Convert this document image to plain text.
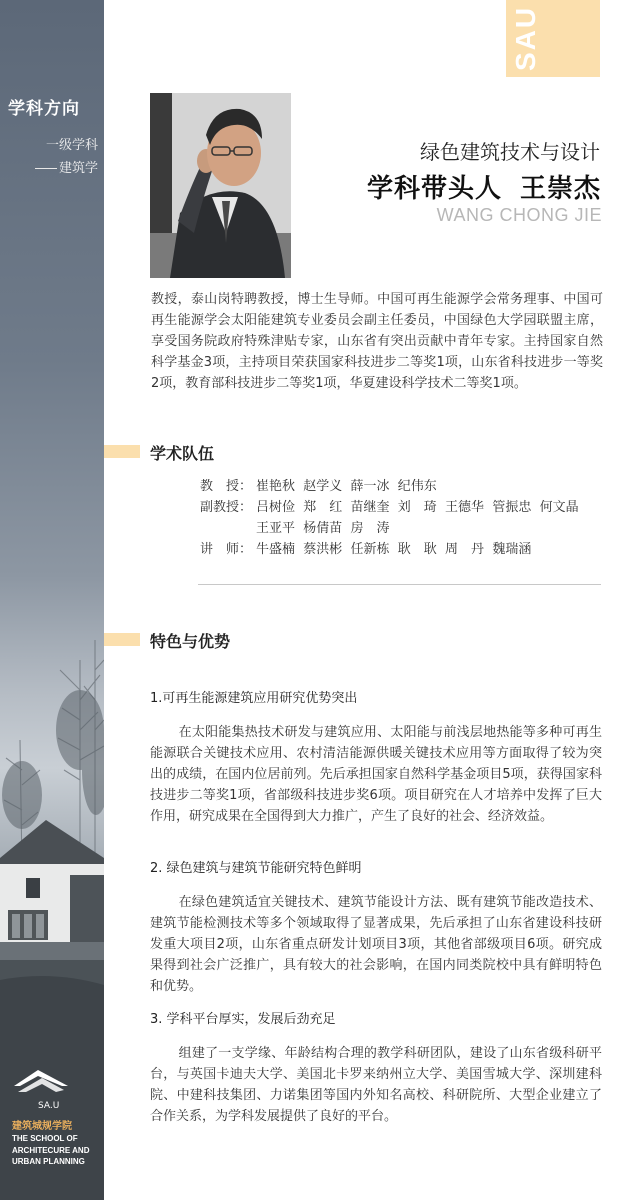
学科方向
一级学科
建筑学
SA.U
建筑城规学院
THE SCHOOL OF
ARCHITECURE AND
URBAN PLANNING
SAU
绿色建筑技术与设计
学科带头人 王崇杰
WANG CHONG JIE

教授，泰山岗特聘教授，博士生导师。中国可再生能源学会常务理事、中国可再生能源学会太阳能建筑专业委员会副主任委员，中国绿色大学园联盟主席，享受国务院政府特殊津贴专家，山东省有突出贡献中青年专家。主持国家自然科学基金3项，主持项目荣获国家科技进步二等奖1项，山东省科技进步一等奖2项，教育部科技进步二等奖1项，华夏建设科学技术二等奖1项。

学术队伍
教　授： 崔艳秋  赵学义  薛一冰  纪伟东
副教授： 吕树俭  郑　红  苗继奎  刘　琦  王德华  管振忠  何文晶
王亚平  杨倩苗  房　涛
讲　师： 牛盛楠  蔡洪彬  任新栋  耿　耿  周　丹  魏瑞涵
特色与优势
1.可再生能源建筑应用研究优势突出

在太阳能集热技术研发与建筑应用、太阳能与前浅层地热能等多种可再生能源联合关键技术应用、农村清洁能源供暖关键技术应用等方面取得了较为突出的成绩，在国内位居前列。先后承担国家自然科学基金项目5项，获得国家科技进步二等奖1项，省部级科技进步奖6项。项目研究在人才培养中发挥了巨大作用，研究成果在全国得到大力推广，产生了良好的社会、经济效益。

2. 绿色建筑与建筑节能研究特色鲜明

在绿色建筑适宜关键技术、建筑节能设计方法、既有建筑节能改造技术、建筑节能检测技术等多个领域取得了显著成果，先后承担了山东省建设科技研发重大项目2项，山东省重点研发计划项目3项，其他省部级项目6项。研究成果得到社会广泛推广，具有较大的社会影响，在国内同类院校中具有鲜明特色和优势。

3. 学科平台厚实，发展后劲充足

组建了一支学缘、年龄结构合理的教学科研团队，建设了山东省级科研平台，与英国卡迪夫大学、美国北卡罗来纳州立大学、美国雪城大学、深圳建科院、中建科技集团、力诺集团等国内外知名高校、科研院所、大型企业建立了合作关系，为学科发展提供了良好的平台。
